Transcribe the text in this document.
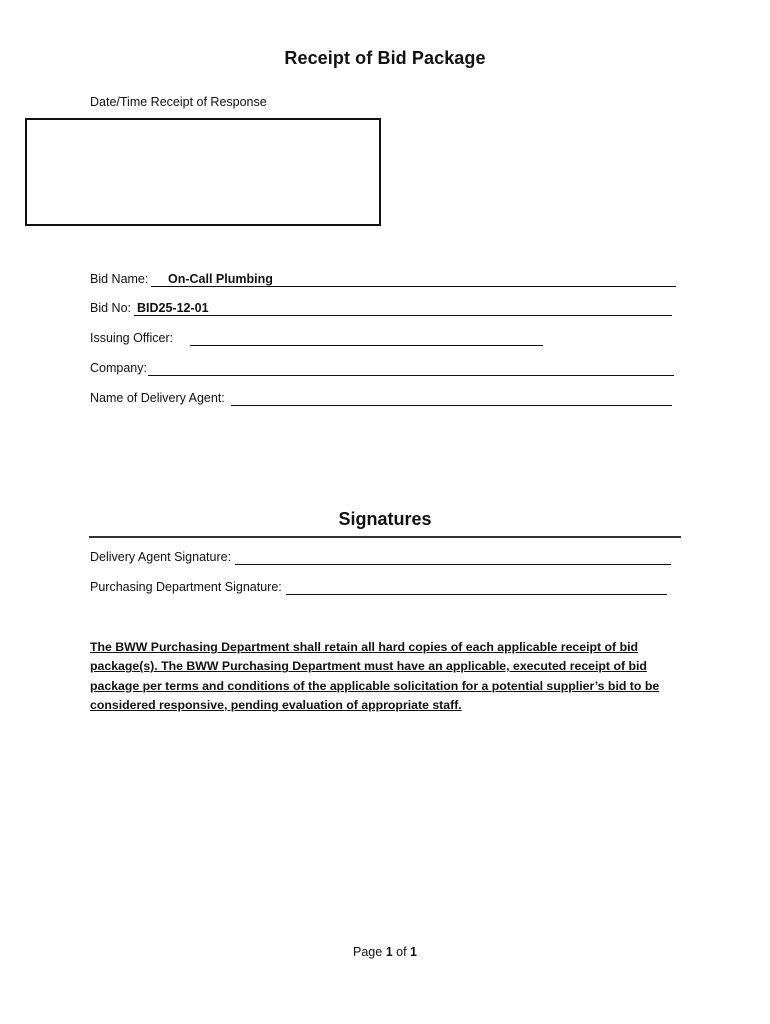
Receipt of Bid Package
Date/Time Receipt of Response
Bid Name: On-Call Plumbing
Bid No: BID25-12-01
Issuing Officer:
Company:
Name of Delivery Agent:
Signatures
Delivery Agent Signature:
Purchasing Department Signature:
The BWW Purchasing Department shall retain all hard copies of each applicable receipt of bid package(s). The BWW Purchasing Department must have an applicable, executed receipt of bid package per terms and conditions of the applicable solicitation for a potential supplier’s bid to be considered responsive, pending evaluation of appropriate staff.
Page 1 of 1
